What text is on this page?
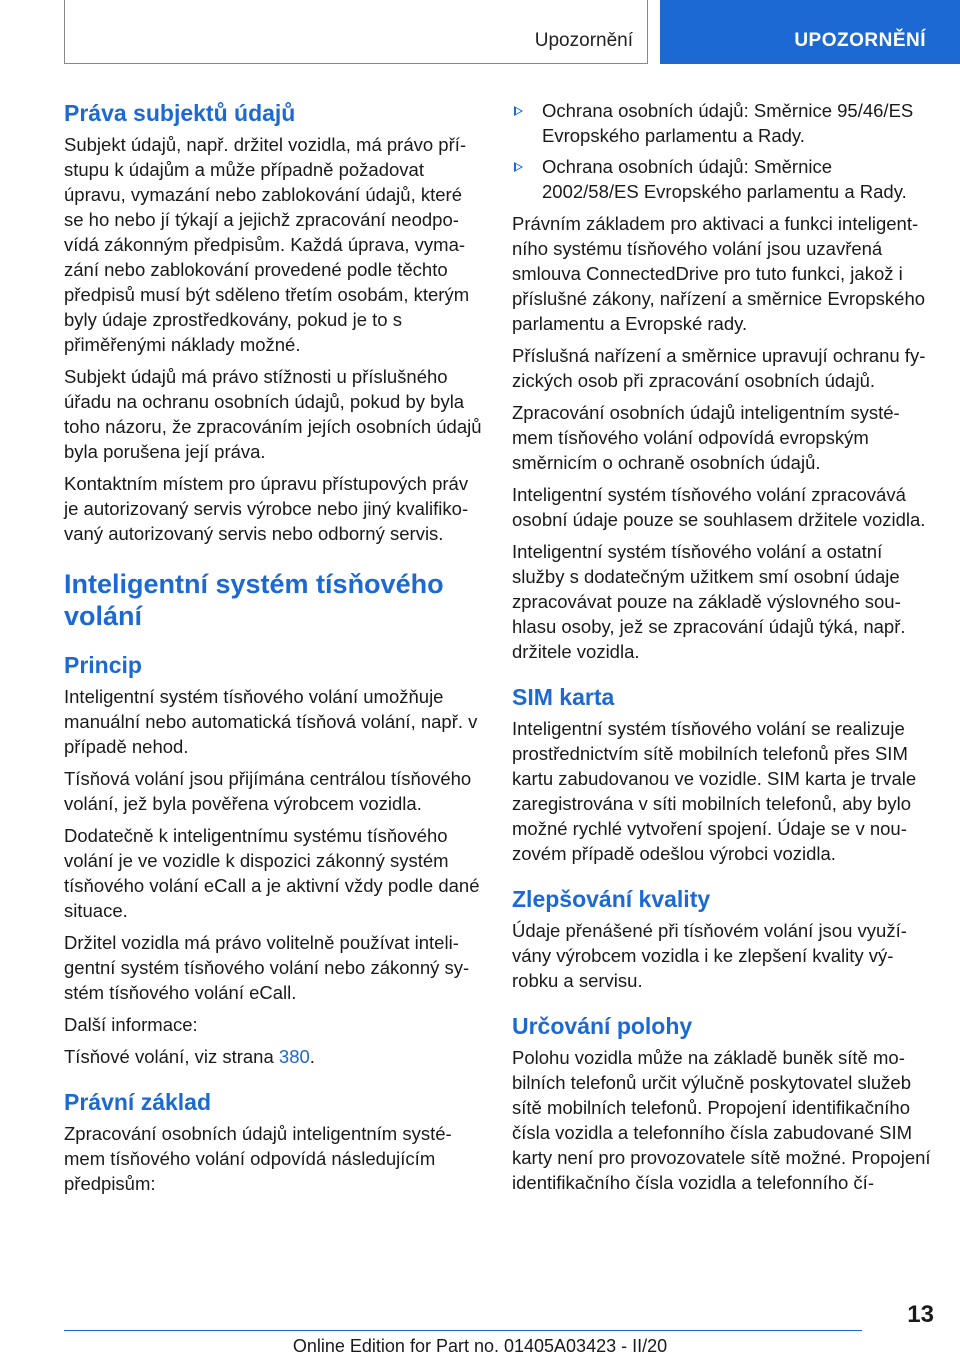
Upozornění	UPOZORNĚNÍ
Práva subjektů údajů

Subjekt údajů, např. držitel vozidla, má právo přístupu k údajům a může případně požadovat úpravu, vymazání nebo zablokování údajů, které se ho nebo jí týkají a jejichž zpracování neodpovídá zákonným předpisům. Každá úprava, vymazání nebo zablokování provedené podle těchto předpisů musí být sděleno třetím osobám, kterým byly údaje zprostředkovány, pokud je to s přiměřenými náklady možné.

Subjekt údajů má právo stížnosti u příslušného úřadu na ochranu osobních údajů, pokud by byla toho názoru, že zpracováním jejích osobních údajů byla porušena její práva.

Kontaktním místem pro úpravu přístupových práv je autorizovaný servis výrobce nebo jiný kvalifikovaný autorizovaný servis nebo odborný servis.

Inteligentní systém tísňového volání
Princip

Inteligentní systém tísňového volání umožňuje manuální nebo automatická tísňová volání, např. v případě nehod.

Tísňová volání jsou přijímána centrálou tísňového volání, jež byla pověřena výrobcem vozidla.

Dodatečně k inteligentnímu systému tísňového volání je ve vozidle k dispozici zákonný systém tísňového volání eCall a je aktivní vždy podle dané situace.

Držitel vozidla má právo volitelně používat inteligentní systém tísňového volání nebo zákonný systém tísňového volání eCall.

Další informace:

Tísňové volání, viz strana 380.

Právní základ

Zpracování osobních údajů inteligentním systémem tísňového volání odpovídá následujícím předpisům:

Ochrana osobních údajů: Směrnice 95/46/ES Evropského parlamentu a Rady.

Ochrana osobních údajů: Směrnice 2002/58/ES Evropského parlamentu a Rady.

Právním základem pro aktivaci a funkci inteligentního systému tísňového volání jsou uzavřená smlouva ConnectedDrive pro tuto funkci, jakož i příslušné zákony, nařízení a směrnice Evropského parlamentu a Evropské rady.

Příslušná nařízení a směrnice upravují ochranu fyzických osob při zpracování osobních údajů.

Zpracování osobních údajů inteligentním systémem tísňového volání odpovídá evropským směrnicím o ochraně osobních údajů.

Inteligentní systém tísňového volání zpracovává osobní údaje pouze se souhlasem držitele vozidla.

Inteligentní systém tísňového volání a ostatní služby s dodatečným užitkem smí osobní údaje zpracovávat pouze na základě výslovného souhlasu osoby, jež se zpracování údajů týká, např. držitele vozidla.

SIM karta

Inteligentní systém tísňového volání se realizuje prostřednictvím sítě mobilních telefonů přes SIM kartu zabudovanou ve vozidle. SIM karta je trvale zaregistrována v síti mobilních telefonů, aby bylo možné rychlé vytvoření spojení. Údaje se v nouzovém případě odešlou výrobci vozidla.

Zlepšování kvality

Údaje přenášené při tísňovém volání jsou využívány výrobcem vozidla i ke zlepšení kvality výrobku a servisu.

Určování polohy

Polohu vozidla může na základě buněk sítě mobilních telefonů určit výlučně poskytovatel služeb sítě mobilních telefonů. Propojení identifikačního čísla vozidla a telefonního čísla zabudované SIM karty není pro provozovatele sítě možné. Propojení identifikačního čísla vozidla a telefonního čí-

13
Online Edition for Part no. 01405A03423 - II/20
